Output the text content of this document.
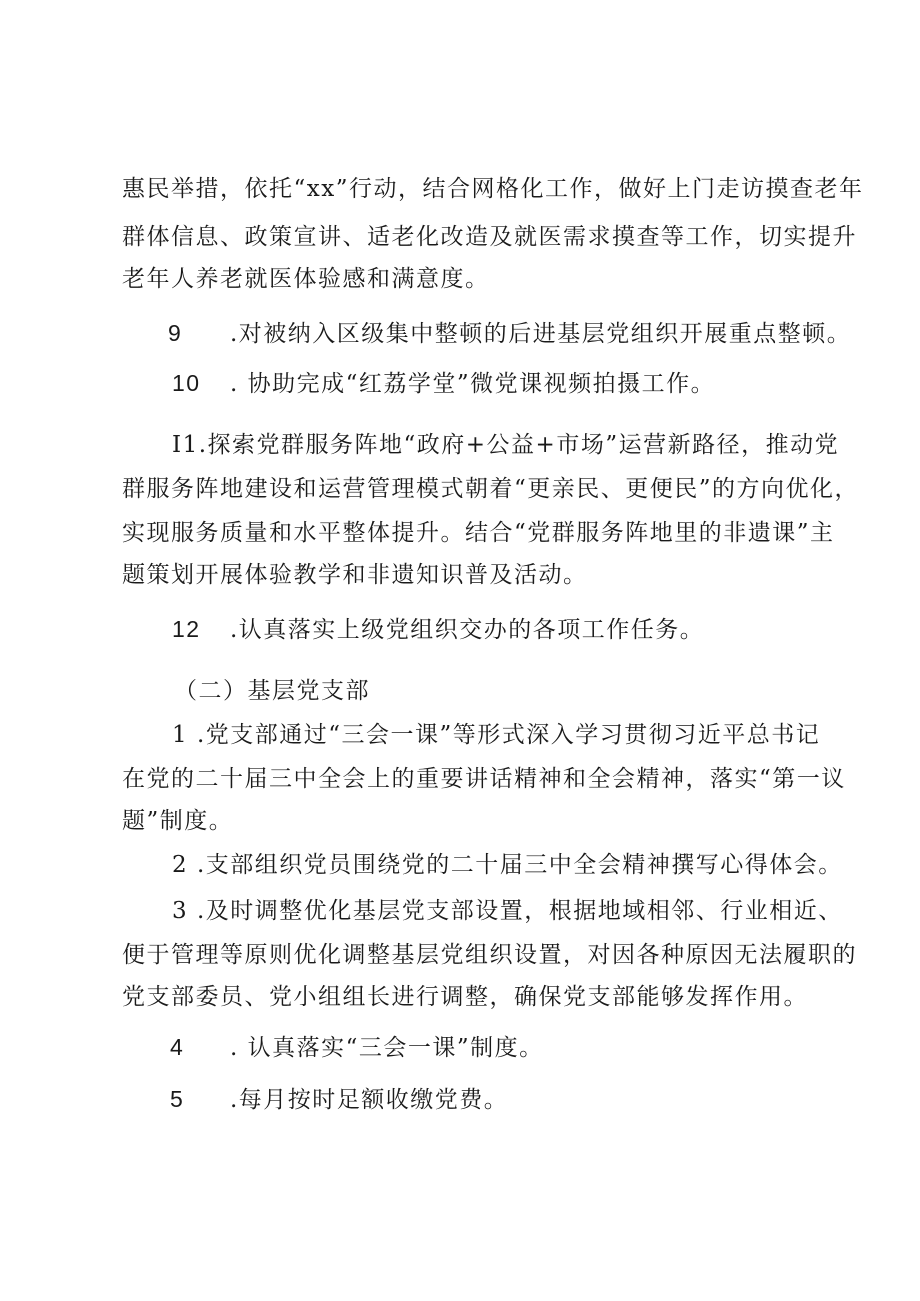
惠民举措，依托“xx”行动，结合网格化工作，做好上门走访摸查老年
群体信息、政策宣讲、适老化改造及就医需求摸查等工作，切实提升
老年人养老就医体验感和满意度。
9 .对被纳入区级集中整顿的后进基层党组织开展重点整顿。
10 . 协助完成“红荔学堂”微党课视频拍摄工作。
I1.探索党群服务阵地“政府+公益+市场”运营新路径，推动党
群服务阵地建设和运营管理模式朝着“更亲民、更便民”的方向优化，
实现服务质量和水平整体提升。结合“党群服务阵地里的非遗课”主
题策划开展体验教学和非遗知识普及活动。
12 .认真落实上级党组织交办的各项工作任务。
（二）基层党支部
1 .党支部通过“三会一课”等形式深入学习贯彻习近平总书记
在党的二十届三中全会上的重要讲话精神和全会精神，落实“第一议
题”制度。
2 .支部组织党员围绕党的二十届三中全会精神撰写心得体会。
3 .及时调整优化基层党支部设置，根据地域相邻、行业相近、
便于管理等原则优化调整基层党组织设置，对因各种原因无法履职的
党支部委员、党小组组长进行调整，确保党支部能够发挥作用。
4 . 认真落实“三会一课”制度。
5 .每月按时足额收缴党费。
